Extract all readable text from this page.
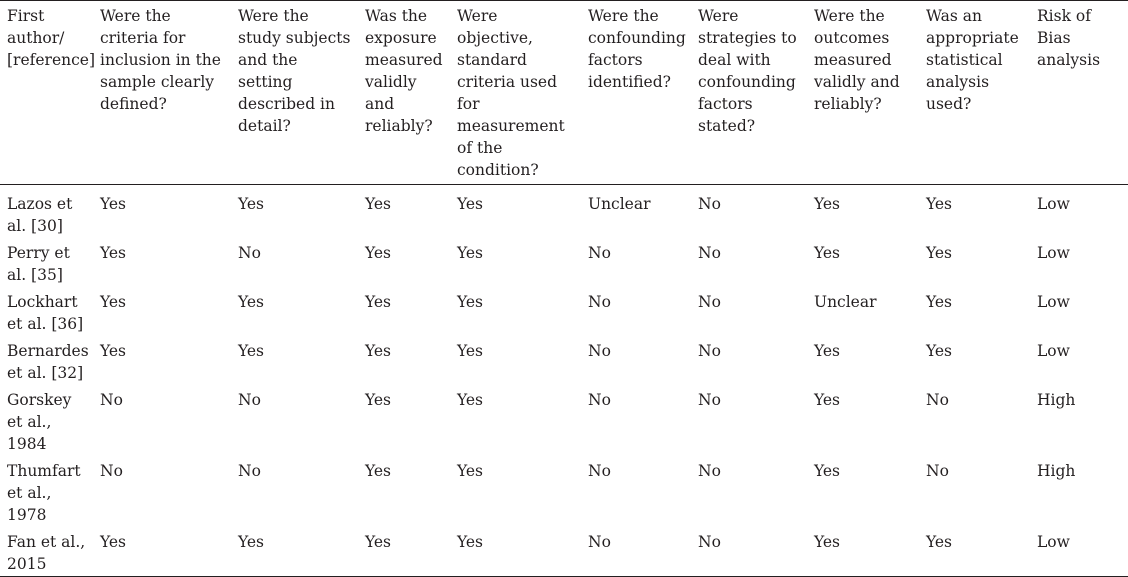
First author/ [reference]	Were the criteria for inclusion in the sample clearly defined?	Were the study subjects and the setting described in detail?	Was the exposure measured validly and reliably?	Were objective, standard criteria used for measurement of the condition?	Were the confounding factors identified?	Were strategies to deal with confounding factors stated?	Were the outcomes measured validly and reliably?	Was an appropriate statistical analysis used?	Risk of Bias analysis
Lazos et al. [30]	Yes	Yes	Yes	Yes	Unclear	No	Yes	Yes	Low
Perry et al. [35]	Yes	No	Yes	Yes	No	No	Yes	Yes	Low
Lockhart et al. [36]	Yes	Yes	Yes	Yes	No	No	Unclear	Yes	Low
Bernardes et al. [32]	Yes	Yes	Yes	Yes	No	No	Yes	Yes	Low
Gorskey et al., 1984	No	No	Yes	Yes	No	No	Yes	No	High
Thumfart et al., 1978	No	No	Yes	Yes	No	No	Yes	No	High
Fan et al., 2015	Yes	Yes	Yes	Yes	No	No	Yes	Yes	Low
